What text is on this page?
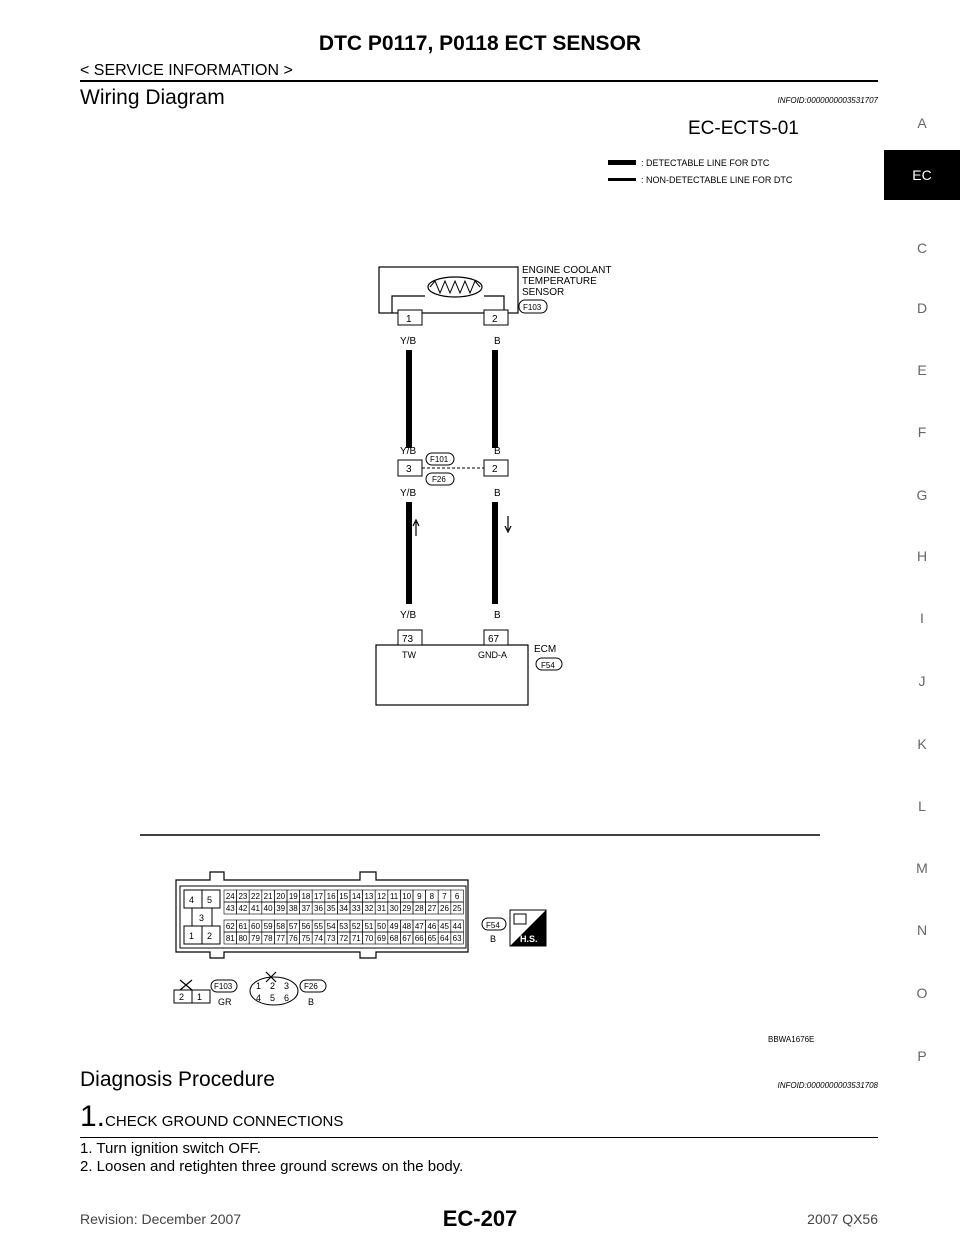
DTC P0117, P0118 ECT SENSOR
< SERVICE INFORMATION >
Wiring Diagram	INFOID:0000000003531707
A
EC
C
D
E
F
G
H
I
J
K
L
M
N
O
P
EC-ECTS-01
: DETECTABLE LINE FOR DTC
: NON-DETECTABLE LINE FOR DTC
ENGINE COOLANT TEMPERATURE SENSOR
F103
1	2
Y/B	B
Y/B	B
3	2
F101
F26
Y/B	B
Y/B	B
73	67
TW	GND-A	ECM
F54
4 5
3
1 2
24 23 22 21 20 19 18 17 16 15 14 13 12 11 10 9 8 7 6
43 42 41 40 39 38 37 36 35 34 33 32 31 30 29 28 27 26 25
62 61 60 59 58 57 56 55 54 53 52 51 50 49 48 47 46 45 44
81 80 79 78 77 76 75 74 73 72 71 70 69 68 67 66 65 64 63
F54
B	H.S.
2 1
F103
GR
1 2 3
4 5 6
F26
B
BBWA1676E
Diagnosis Procedure	INFOID:0000000003531708
1.CHECK GROUND CONNECTIONS
1. Turn ignition switch OFF.
2. Loosen and retighten three ground screws on the body.
Revision: December 2007	EC-207	2007 QX56
